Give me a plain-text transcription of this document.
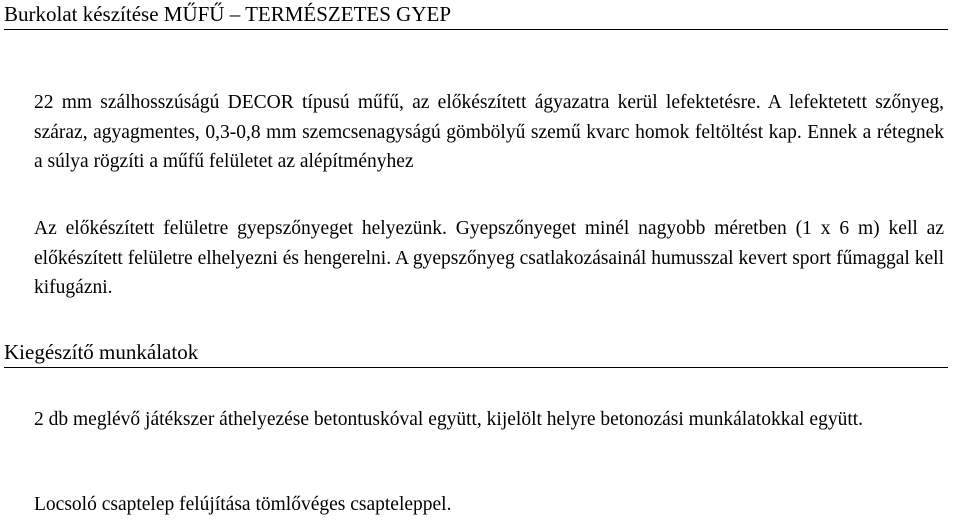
Burkolat készítése MŰFŰ – TERMÉSZETES GYEP
22 mm szálhosszúságú DECOR típusú műfű, az előkészített ágyazatra kerül lefektetésre. A lefektetett szőnyeg, száraz, agyagmentes, 0,3-0,8 mm szemcsenagyságú gömbölyű szemű kvarc homok feltöltést kap. Ennek a rétegnek a súlya rögzíti a műfű felületet az alépítményhez
Az előkészített felületre gyepszőnyeget helyezünk. Gyepszőnyeget minél nagyobb méretben (1 x 6 m) kell az előkészített felületre elhelyezni és hengerelni. A gyepszőnyeg csatlakozásainál humusszal kevert sport fűmaggal kell kifugázni.
Kiegészítő munkálatok
2 db meglévő játékszer áthelyezése betontuskóval együtt, kijelölt helyre betonozási munkálatokkal együtt.
Locsoló csaptelep felújítása tömlővéges csapteleppel.
